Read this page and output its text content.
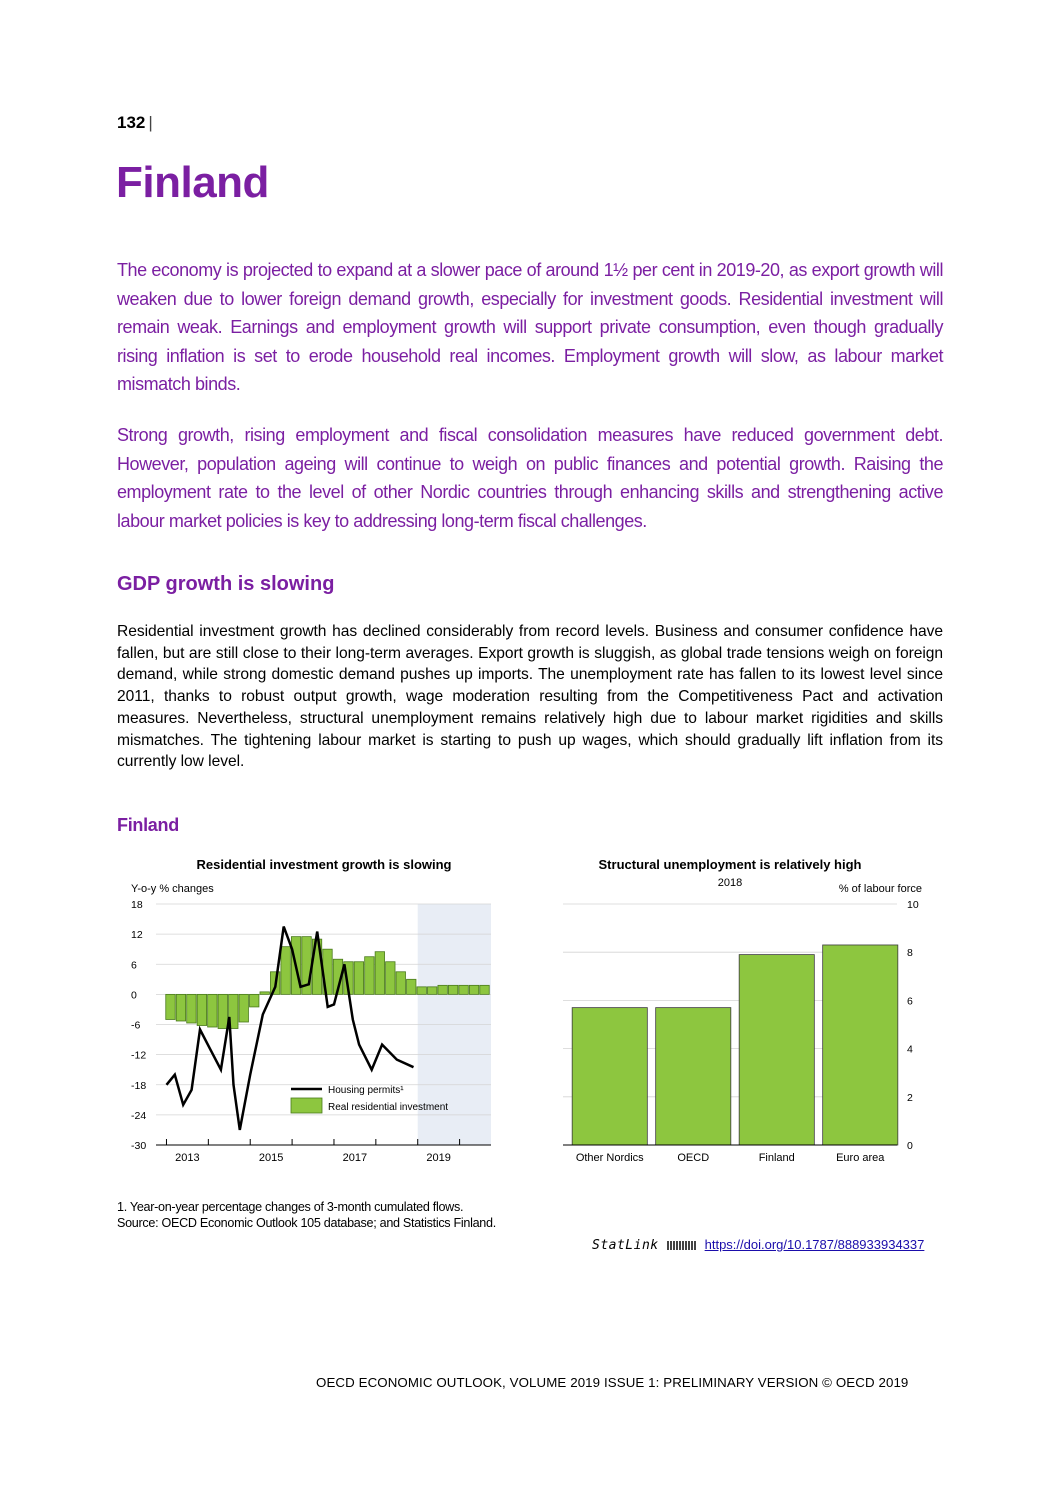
132 |
Finland
The economy is projected to expand at a slower pace of around 1½ per cent in 2019-20, as export growth will weaken due to lower foreign demand growth, especially for investment goods. Residential investment will remain weak. Earnings and employment growth will support private consumption, even though gradually rising inflation is set to erode household real incomes. Employment growth will slow, as labour market mismatch binds.
Strong growth, rising employment and fiscal consolidation measures have reduced government debt. However, population ageing will continue to weigh on public finances and potential growth. Raising the employment rate to the level of other Nordic countries through enhancing skills and strengthening active labour market policies is key to addressing long-term fiscal challenges.
GDP growth is slowing
Residential investment growth has declined considerably from record levels. Business and consumer confidence have fallen, but are still close to their long-term averages. Export growth is sluggish, as global trade tensions weigh on foreign demand, while strong domestic demand pushes up imports. The unemployment rate has fallen to its lowest level since 2011, thanks to robust output growth, wage moderation resulting from the Competitiveness Pact and activation measures. Nevertheless, structural unemployment remains relatively high due to labour market rigidities and skills mismatches. The tightening labour market is starting to push up wages, which should gradually lift inflation from its currently low level.
Finland
Residential investment growth is slowing
Y-o-y % changes
18
12
6
0
-6
-12
-18
-24
-30
2013	2015	2017	2019
Housing permits¹
Real residential investment
Structural unemployment is relatively high
2018	% of labour force
10
8
6
4
2
0
Other Nordics	OECD	Finland	Euro area
1. Year-on-year percentage changes of 3-month cumulated flows.
Source: OECD Economic Outlook 105 database; and Statistics Finland.
StatLink	https://doi.org/10.1787/888933934337
OECD ECONOMIC OUTLOOK, VOLUME 2019 ISSUE 1: PRELIMINARY VERSION © OECD 2019
